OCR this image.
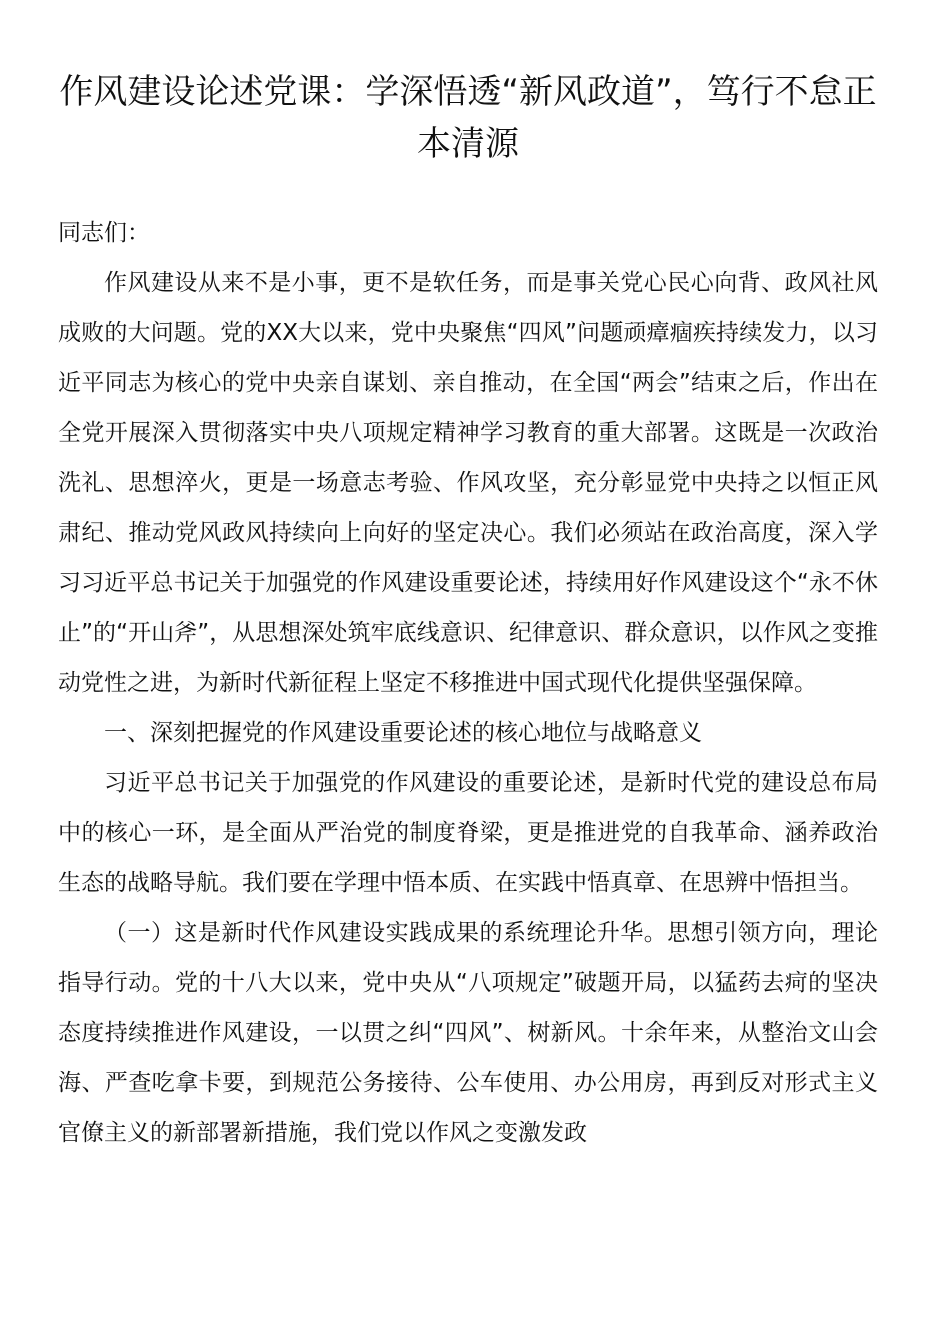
作风建设论述党课：学深悟透“新风政道”，笃行不怠正本清源

同志们：

作风建设从来不是小事，更不是软任务，而是事关党心民心向背、政风社风成败的大问题。党的XX大以来，党中央聚焦“四风”问题顽瘴痼疾持续发力，以习近平同志为核心的党中央亲自谋划、亲自推动，在全国“两会”结束之后，作出在全党开展深入贯彻落实中央八项规定精神学习教育的重大部署。这既是一次政治洗礼、思想淬火，更是一场意志考验、作风攻坚，充分彰显党中央持之以恒正风肃纪、推动党风政风持续向上向好的坚定决心。我们必须站在政治高度，深入学习习近平总书记关于加强党的作风建设重要论述，持续用好作风建设这个“永不休止”的“开山斧”，从思想深处筑牢底线意识、纪律意识、群众意识，以作风之变推动党性之进，为新时代新征程上坚定不移推进中国式现代化提供坚强保障。

一、深刻把握党的作风建设重要论述的核心地位与战略意义

习近平总书记关于加强党的作风建设的重要论述，是新时代党的建设总布局中的核心一环，是全面从严治党的制度脊梁，更是推进党的自我革命、涵养政治生态的战略导航。我们要在学理中悟本质、在实践中悟真章、在思辨中悟担当。

（一）这是新时代作风建设实践成果的系统理论升华。思想引领方向，理论指导行动。党的十八大以来，党中央从“八项规定”破题开局，以猛药去疴的坚决态度持续推进作风建设，一以贯之纠“四风”、树新风。十余年来，从整治文山会海、严查吃拿卡要，到规范公务接待、公车使用、办公用房，再到反对形式主义官僚主义的新部署新措施，我们党以作风之变激发政
